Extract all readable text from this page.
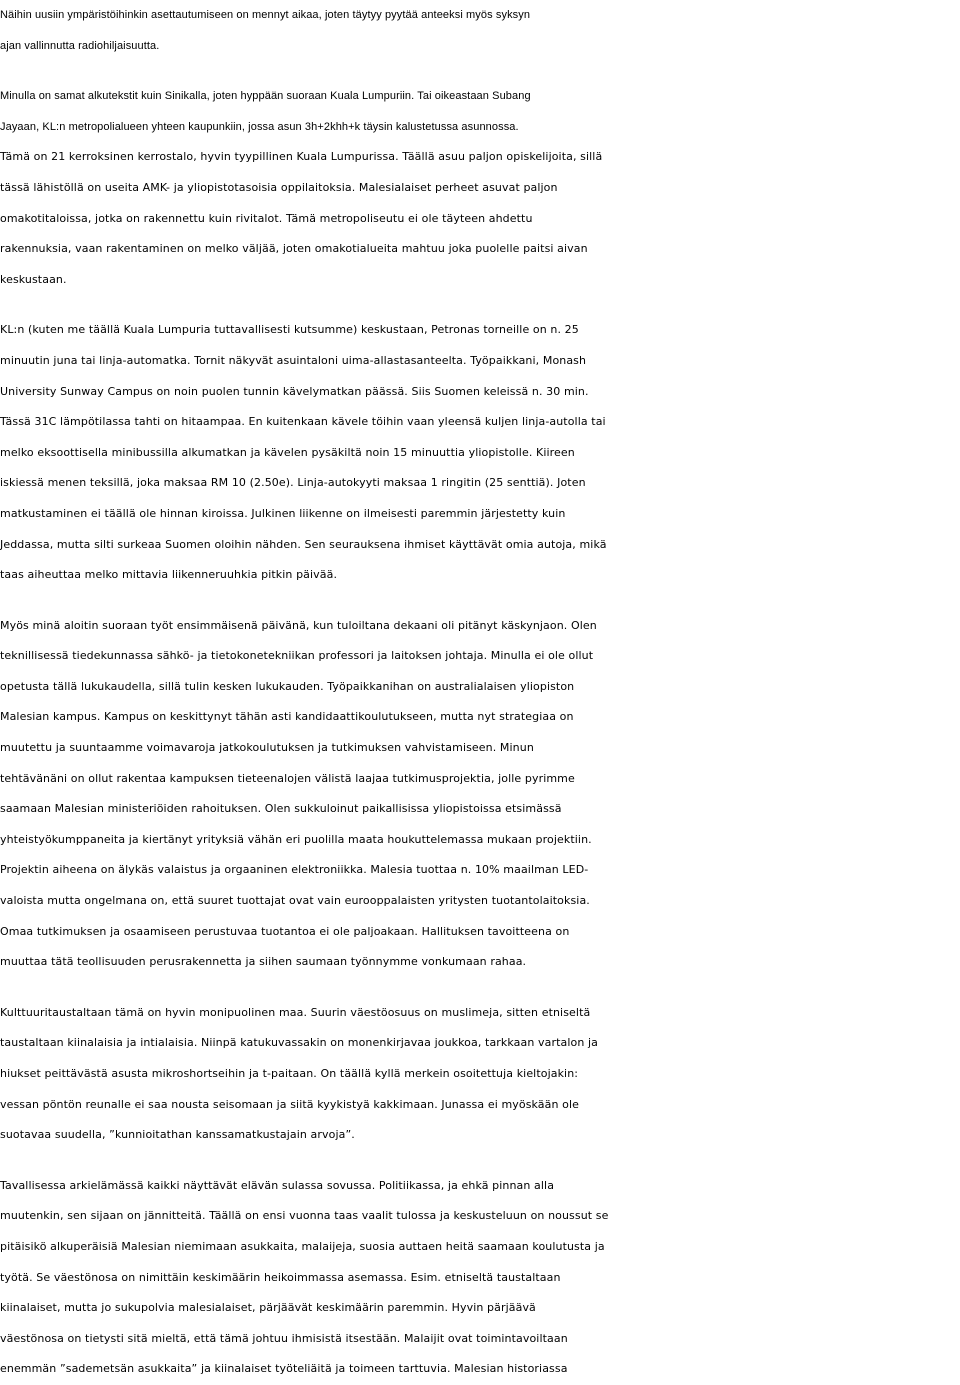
Näihin uusiin ympäristöihinkin asettautumiseen on mennyt aikaa, joten täytyy pyytää anteeksi myös syksyn
ajan vallinnutta radiohiljaisuutta.
Minulla on samat alkutekstit kuin Sinikalla, joten hyppään suoraan Kuala Lumpuriin. Tai oikeastaan Subang
Jayaan, KL:n metropolialueen yhteen kaupunkiin, jossa asun 3h+2khh+k täysin kalustetussa asunnossa.
Tämä on 21 kerroksinen kerrostalo, hyvin tyypillinen Kuala Lumpurissa. Täällä asuu paljon opiskelijoita, sillä
tässä lähistöllä on useita AMK- ja yliopistotasoisia oppilaitoksia. Malesialaiset perheet asuvat paljon
omakotitaloissa, jotka on rakennettu kuin rivitalot. Tämä metropoliseutu ei ole täyteen ahdettu
rakennuksia, vaan rakentaminen on melko väljää, joten omakotialueita mahtuu joka puolelle paitsi aivan
keskustaan.
KL:n (kuten me täällä Kuala Lumpuria tuttavallisesti kutsumme) keskustaan, Petronas torneille on n. 25
minuutin juna tai linja-automatka. Tornit näkyvät asuintaloni uima-allastasanteelta. Työpaikkani, Monash
University Sunway Campus on noin puolen tunnin kävelymatkan päässä. Siis Suomen keleissä n. 30 min.
Tässä 31C lämpötilassa tahti on hitaampaa. En kuitenkaan kävele töihin vaan yleensä kuljen linja-autolla tai
melko eksoottisella minibussilla alkumatkan ja kävelen pysäkiltä noin 15 minuuttia yliopistolle. Kiireen
iskiessä menen teksillä, joka maksaa RM 10 (2.50e). Linja-autokyyti maksaa 1 ringitin (25 senttiä). Joten
matkustaminen ei täällä ole hinnan kiroissa. Julkinen liikenne on ilmeisesti paremmin järjestetty kuin
Jeddassa, mutta silti surkeaa Suomen oloihin nähden. Sen seurauksena ihmiset käyttävät omia autoja, mikä
taas aiheuttaa melko mittavia liikenneruuhkia pitkin päivää.
Myös minä aloitin suoraan työt ensimmäisenä päivänä, kun tuloiltana dekaani oli pitänyt käskynjaon. Olen
teknillisessä tiedekunnassa sähkö- ja tietokonetekniikan professori ja laitoksen johtaja. Minulla ei ole ollut
opetusta tällä lukukaudella, sillä tulin kesken lukukauden. Työpaikkanihan on australialaisen yliopiston
Malesian kampus. Kampus on keskittynyt tähän asti kandidaattikoulutukseen, mutta nyt strategiaa on
muutettu ja suuntaamme voimavaroja jatkokoulutuksen ja tutkimuksen vahvistamiseen. Minun
tehtävänäni on ollut rakentaa kampuksen tieteenalojen välistä laajaa tutkimusprojektia, jolle pyrimme
saamaan Malesian ministeriöiden rahoituksen. Olen sukkuloinut paikallisissa yliopistoissa etsimässä
yhteistyökumppaneita ja kiertänyt yrityksiä vähän eri puolilla maata houkuttelemassa mukaan projektiin.
Projektin aiheena on älykäs valaistus ja orgaaninen elektroniikka. Malesia tuottaa n. 10% maailman LED-
valoista mutta ongelmana on, että suuret tuottajat ovat vain eurooppalaisten yritysten tuotantolaitoksia.
Omaa tutkimuksen ja osaamiseen perustuvaa tuotantoa ei ole paljoakaan. Hallituksen tavoitteena on
muuttaa tätä teollisuuden perusrakennetta ja siihen saumaan työnnymme vonkumaan rahaa.
Kulttuuritaustaltaan tämä on hyvin monipuolinen maa. Suurin väestöosuus on muslimeja, sitten etniseltä
taustaltaan kiinalaisia ja intialaisia. Niinpä katukuvassakin on monenkirjavaa joukkoa, tarkkaan vartalon ja
hiukset peittävästä asusta mikroshortseihin ja t-paitaan. On täällä kyllä merkein osoitettuja kieltojakin:
vessan pöntön reunalle ei saa nousta seisomaan ja siitä kyykistyä kakkimaan. Junassa ei myöskään ole
suotavaa suudella, ”kunnioitathan kanssamatkustajain arvoja”.
Tavallisessa arkielämässä kaikki näyttävät elävän sulassa sovussa. Politiikassa, ja ehkä pinnan alla
muutenkin, sen sijaan on jännitteitä. Täällä on ensi vuonna taas vaalit tulossa ja keskusteluun on noussut se
pitäisikö alkuperäisiä Malesian niemimaan asukkaita, malaijeja, suosia auttaen heitä saamaan koulutusta ja
työtä. Se väestönosa on nimittäin keskimäärin heikoimmassa asemassa. Esim. etniseltä taustaltaan
kiinalaiset, mutta jo sukupolvia malesialaiset, pärjäävät keskimäärin paremmin. Hyvin pärjäävä
väestönosa on tietysti sitä mieltä, että tämä johtuu ihmisistä itsestään. Malaijit ovat toimintavoiltaan
enemmän ”sademetsän asukkaita” ja kiinalaiset työteliäitä ja toimeen tarttuvia. Malesian historiassa
